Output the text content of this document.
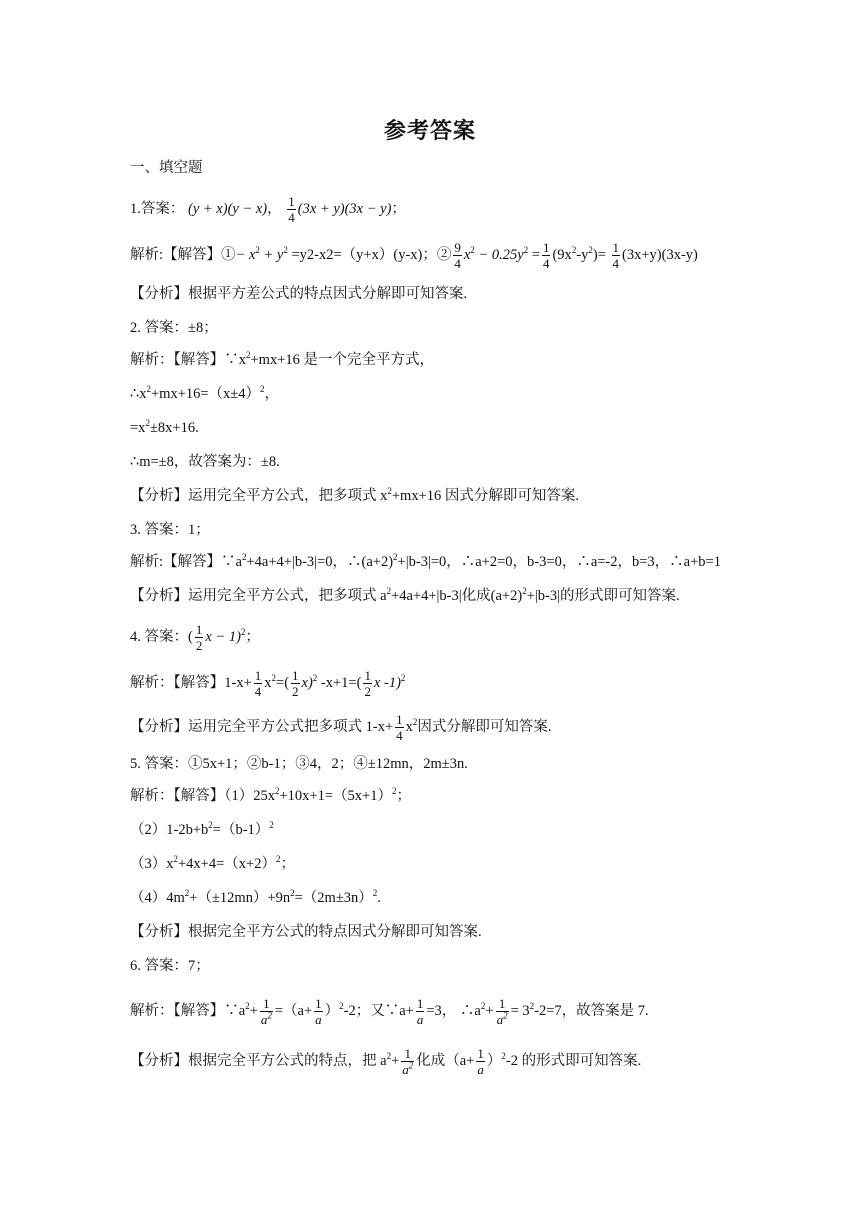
参考答案
一、填空题
1.答案： (y + x)(y − x)， $\frac{1}{4} (3x + y)(3x - y)$；
解析:【解答】①− $x^2 + y^2 =y2-x2=(y+x)(y-x)$；② $\frac{9}{4} x^2 - 0.25y^2 = \frac{1}{4} (9x^2-y^2)= \frac{1}{4} (3x+y)(3x-y)$
【分析】根据平方差公式的特点因式分解即可知答案.
2. 答案：±8；
解析：【解答】$\because x^2+mx+16$ 是一个完全平方式，
$\therefore x^2+mx+16=(x\pm 4)^2$，
$=x^2\pm 8x+16$.
∴m=±8，故答案为：±8.
【分析】运用完全平方公式，把多项式 $x^2+mx+16$ 因式分解即可知答案.
3. 答案：1；
解析:【解答】$\because a^2+4a+4+|b-3|=0$，$\therefore(a+2)^2+|b-3|=0$，∴a+2=0，b-3=0，∴a=-2，b=3，∴a+b=1
【分析】运用完全平方公式，把多项式 $a^2+4a+4+|b-3|$化成$(a+2)^2+|b-3|$的形式即可知答案.
4. 答案：( $\frac{1}{2}$ x − 1)$^2$；
解析：【解答】$1-x+ \frac{1}{4} x^2=( \frac{1}{2} x)^2$ $-x+1=( \frac{1}{2}$ x -1)$^2$
【分析】运用完全平方公式把多项式 $1-x+ \frac{1}{4} x^2$因式分解即可知答案.
5. 答案：①5x+1；②b-1；③4，2；④±12mn，2m±3n.
解析：【解答】$(1)25x^2+10x+1=(5x+1)^2$；
$(2)1-2b+b^2=(b-1)^2$
$(3)x^2+4x+4=(x+2)^2$；
$(4)4m^2+(\pm 12mn)+9n^2=(2m\pm 3n)^2$.
【分析】根据完全平方公式的特点因式分解即可知答案.
6. 答案：7；
解析：【解答】$\because a^2+ \frac{1}{a^2} =(a+ \frac{1}{a} )^2-2$；又∵a+ $\frac{1}{a} =3$， $\therefore a^2+ \frac{1}{a^2} = 3^2-2=7$，故答案是 7.
【分析】根据完全平方公式的特点，把 $a^2+ \frac{1}{a^2}$ 化成$(a+ \frac{1}{a} )^2-2$ 的形式即可知答案.
